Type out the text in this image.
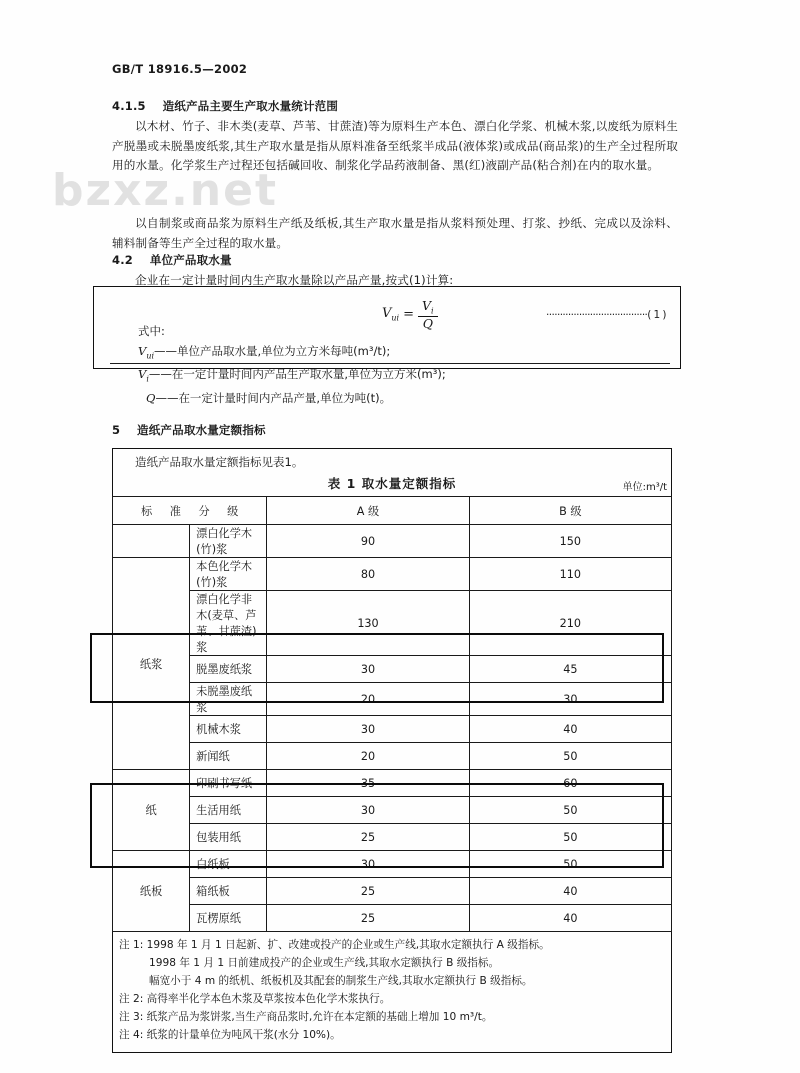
bzxz.net
GB/T 18916.5—2002
4.1.5 造纸产品主要生产取水量统计范围
以木材、竹子、非木类(麦草、芦苇、甘蔗渣)等为原料生产本色、漂白化学浆、机械木浆,以废纸为原料生产脱墨或未脱墨废纸浆,其生产取水量是指从原料准备至纸浆半成品(液体浆)或成品(商品浆)的生产全过程所取用的水量。化学浆生产过程还包括碱回收、制浆化学品药液制备、黑(红)液副产品(粘合剂)在内的取水量。
以自制浆或商品浆为原料生产纸及纸板,其生产取水量是指从浆料预处理、打浆、抄纸、完成以及涂料、辅料制备等生产全过程的取水量。
4.2 单位产品取水量
企业在一定计量时间内生产取水量除以产品产量,按式(1)计算:
$V_{ui} = \frac{V_i}{Q}$	·····································( 1 )
式中:
$V_{ui}——$单位产品取水量,单位为立方米每吨(m³/t);
$V_i——$在一定计量时间内产品生产取水量,单位为立方米(m³);
Q——在一定计量时间内产品产量,单位为吨(t)。
5 造纸产品取水量定额指标
造纸产品取水量定额指标见表1。
表 1 取水量定额指标	单位:m³/t
标 准 分 级		A 级	B 级
	漂白化学木(竹)浆	90	150
纸浆	本色化学木(竹)浆	80	110
	漂白化学非木(麦草、芦苇、甘蔗渣)浆	130	210
	脱墨废纸浆	30	45
	未脱墨废纸浆	20	30
	机械木浆	30	40
	新闻纸	20	50
纸	印刷书写纸	35	60
	生活用纸	30	50
	包装用纸	25	50
纸板	白纸板	30	50
	箱纸板	25	40
	瓦楞原纸	25	40
注 1: 1998 年 1 月 1 日起新、扩、改建或投产的企业或生产线,其取水定额执行 A 级指标。
1998 年 1 月 1 日前建成投产的企业或生产线,其取水定额执行 B 级指标。
幅宽小于 4 m 的纸机、纸板机及其配套的制浆生产线,其取水定额执行 B 级指标。
注 2: 高得率半化学本色木浆及草浆按本色化学木浆执行。
注 3: 纸浆产品为浆饼浆,当生产商品浆时,允许在本定额的基础上增加 10 m³/t。
注 4: 纸浆的计量单位为吨风干浆(水分 10%)。
